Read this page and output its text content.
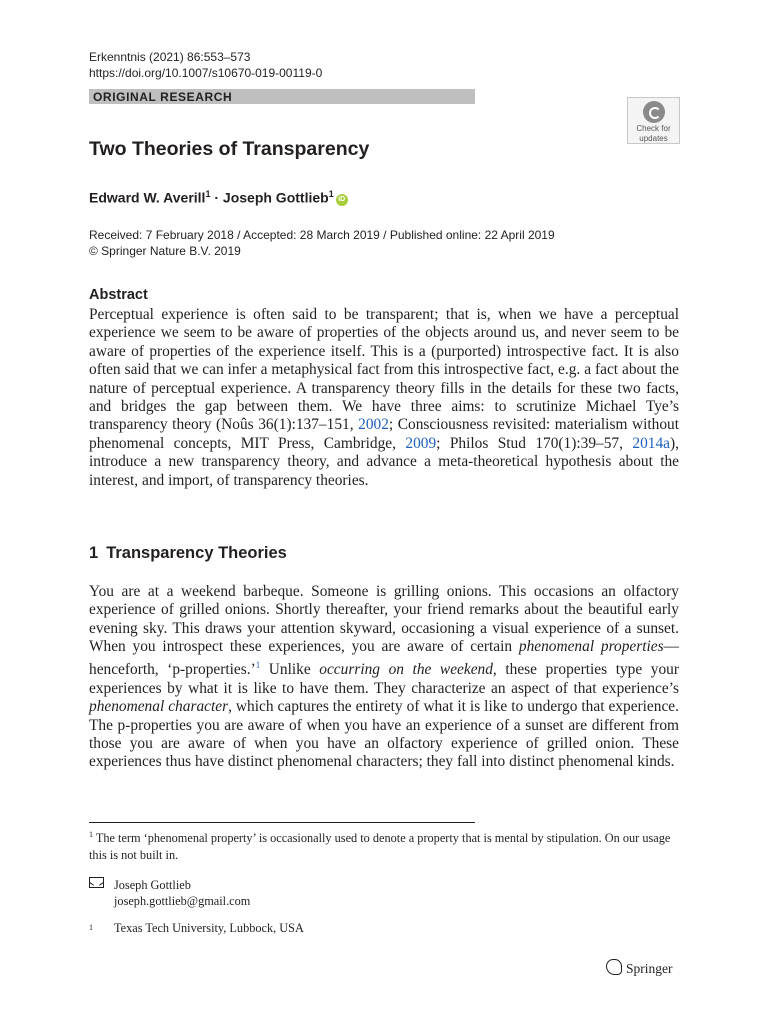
Erkenntnis (2021) 86:553–573
https://doi.org/10.1007/s10670-019-00119-0
ORIGINAL RESEARCH
Check for
updates
Two Theories of Transparency
Edward W. Averill$^1$ · Joseph Gottlieb$^1$iD
Received: 7 February 2018 / Accepted: 28 March 2019 / Published online: 22 April 2019
© Springer Nature B.V. 2019
Abstract
Perceptual experience is often said to be transparent; that is, when we have a perceptual experience we seem to be aware of properties of the objects around us, and never seem to be aware of properties of the experience itself. This is a (purported) introspective fact. It is also often said that we can infer a metaphysical fact from this introspective fact, e.g. a fact about the nature of perceptual experience. A transparency theory fills in the details for these two facts, and bridges the gap between them. We have three aims: to scrutinize Michael Tye’s transparency theory (Noûs 36(1):137–151, 2002; Consciousness revisited: materialism without phenomenal concepts, MIT Press, Cambridge, 2009; Philos Stud 170(1):39–57, 2014a), introduce a new transparency theory, and advance a meta-theoretical hypothesis about the interest, and import, of transparency theories.
1 Transparency Theories
You are at a weekend barbeque. Someone is grilling onions. This occasions an olfactory experience of grilled onions. Shortly thereafter, your friend remarks about the beautiful early evening sky. This draws your attention skyward, occasioning a visual experience of a sunset. When you introspect these experiences, you are aware of certain phenomenal properties—henceforth, ‘p-properties.’$^1$ Unlike occurring on the weekend, these properties type your experiences by what it is like to have them. They characterize an aspect of that experience’s phenomenal character, which captures the entirety of what it is like to undergo that experience. The p-properties you are aware of when you have an experience of a sunset are different from those you are aware of when you have an olfactory experience of grilled onion. These experiences thus have distinct phenomenal characters; they fall into distinct phenomenal kinds.
$^1$ The term ‘phenomenal property’ is occasionally used to denote a property that is mental by stipulation. On our usage this is not built in.
Joseph Gottlieb
joseph.gottlieb@gmail.com
$^1$ Texas Tech University, Lubbock, USA
Springer
